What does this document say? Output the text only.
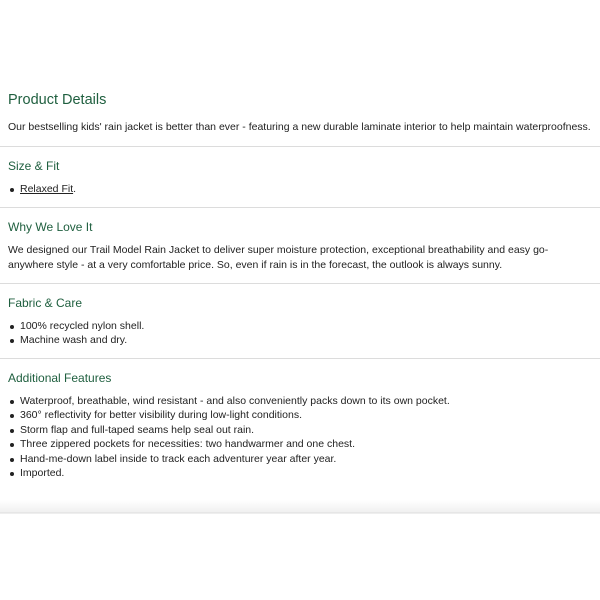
Product Details

Our bestselling kids' rain jacket is better than ever - featuring a new durable laminate interior to help maintain waterproofness.

Size & Fit
Relaxed Fit.
Why We Love It

We designed our Trail Model Rain Jacket to deliver super moisture protection, exceptional breathability and easy go-anywhere style - at a very comfortable price. So, even if rain is in the forecast, the outlook is always sunny.

Fabric & Care
100% recycled nylon shell.
Machine wash and dry.
Additional Features
Waterproof, breathable, wind resistant - and also conveniently packs down to its own pocket.
360° reflectivity for better visibility during low-light conditions.
Storm flap and full-taped seams help seal out rain.
Three zippered pockets for necessities: two handwarmer and one chest.
Hand-me-down label inside to track each adventurer year after year.
Imported.
